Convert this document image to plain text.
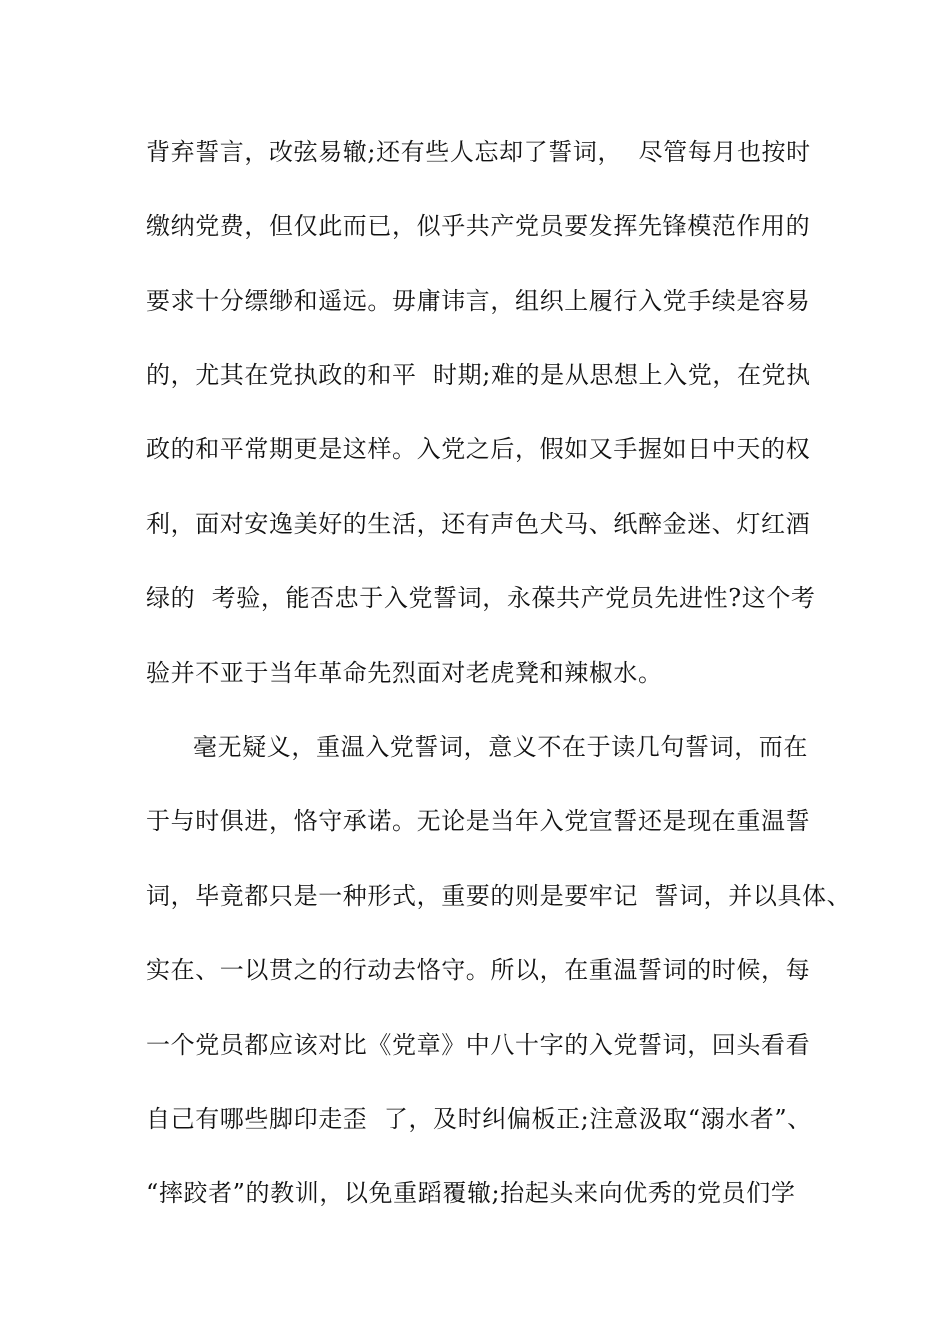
背弃誓言，改弦易辙;还有些人忘却了誓词，  尽管每月也按时
缴纳党费，但仅此而已，似乎共产党员要发挥先锋模范作用的
要求十分缥缈和遥远。毋庸讳言，组织上履行入党手续是容易
的，尤其在党执政的和平  时期;难的是从思想上入党，在党执
政的和平常期更是这样。入党之后，假如又手握如日中天的权
利，面对安逸美好的生活，还有声色犬马、纸醉金迷、灯红酒
绿的  考验，能否忠于入党誓词，永葆共产党员先进性?这个考
验并不亚于当年革命先烈面对老虎凳和辣椒水。
毫无疑义，重温入党誓词，意义不在于读几句誓词，而在
于与时俱进，恪守承诺。无论是当年入党宣誓还是现在重温誓
词，毕竟都只是一种形式，重要的则是要牢记  誓词，并以具体、
实在、一以贯之的行动去恪守。所以，在重温誓词的时候，每
一个党员都应该对比《党章》中八十字的入党誓词，回头看看
自己有哪些脚印走歪  了，及时纠偏板正;注意汲取“溺水者”、
“摔跤者”的教训，以免重蹈覆辙;抬起头来向优秀的党员们学
